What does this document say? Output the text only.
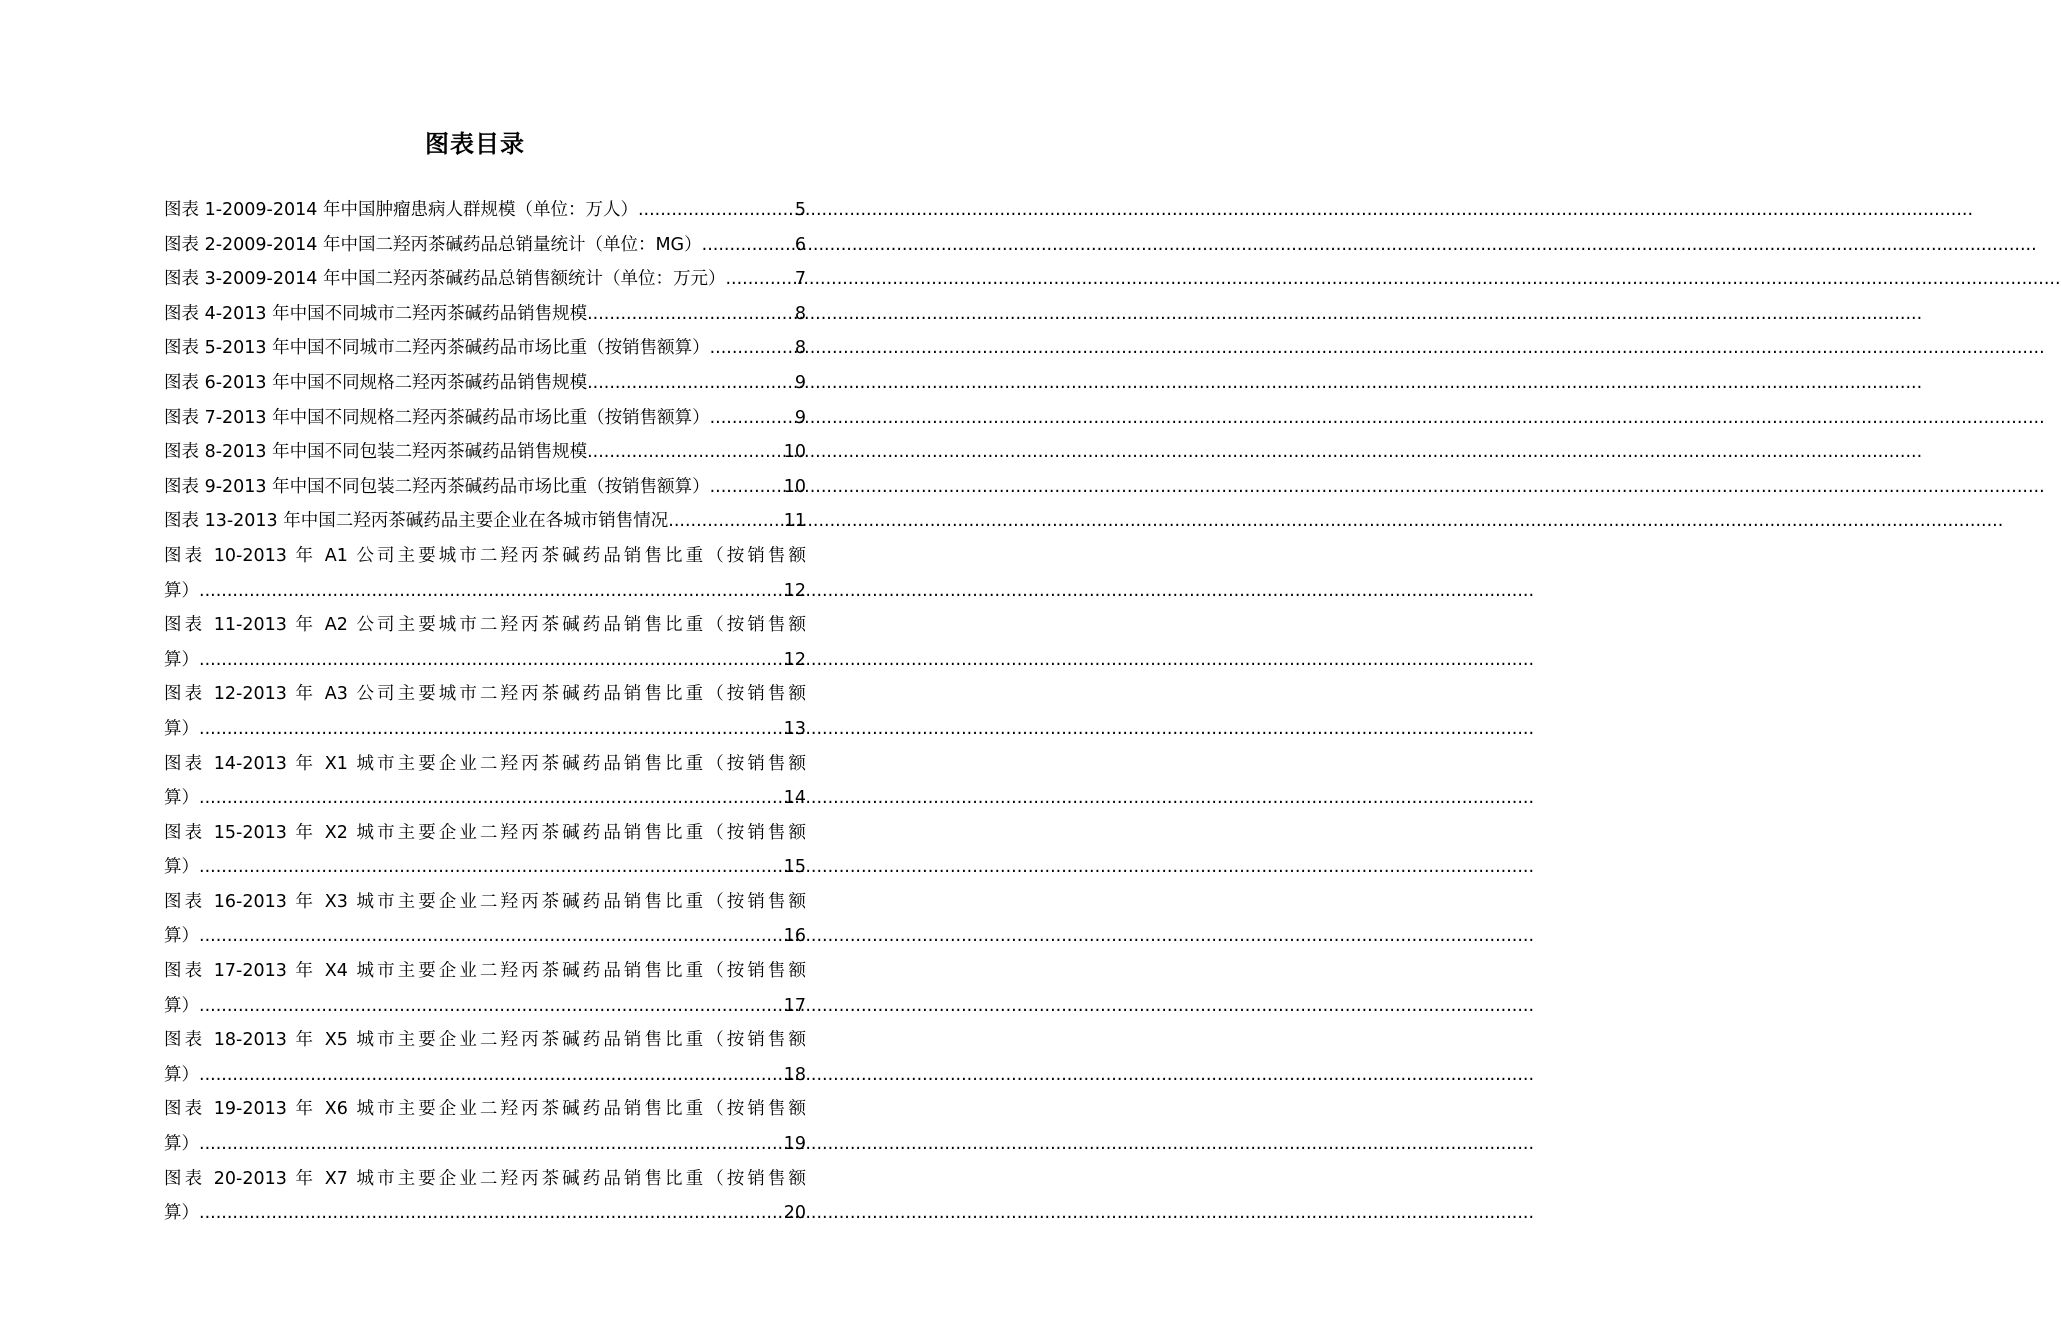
图表目录
图表 1-2009-2014 年中国肿瘤患病人群规模（单位：万人） .....	5
图表 2-2009-2014 年中国二羟丙茶碱药品总销量统计（单位：MG） .....	6
图表 3-2009-2014 年中国二羟丙茶碱药品总销售额统计（单位：万元） .....	7
图表 4-2013 年中国不同城市二羟丙茶碱药品销售规模 .....	8
图表 5-2013 年中国不同城市二羟丙茶碱药品市场比重（按销售额算） .....	8
图表 6-2013 年中国不同规格二羟丙茶碱药品销售规模 .....	9
图表 7-2013 年中国不同规格二羟丙茶碱药品市场比重（按销售额算） .....	9
图表 8-2013 年中国不同包装二羟丙茶碱药品销售规模 .....	10
图表 9-2013 年中国不同包装二羟丙茶碱药品市场比重（按销售额算） .....	10
图表 13-2013 年中国二羟丙茶碱药品主要企业在各城市销售情况 .....	11
图表 10-2013 年 A1 公司主要城市二羟丙茶碱药品销售比重（按销售额
算） .....	12
图表 11-2013 年 A2 公司主要城市二羟丙茶碱药品销售比重（按销售额
算） .....	12
图表 12-2013 年 A3 公司主要城市二羟丙茶碱药品销售比重（按销售额
算） .....	13
图表 14-2013 年 X1 城市主要企业二羟丙茶碱药品销售比重（按销售额
算） .....	14
图表 15-2013 年 X2 城市主要企业二羟丙茶碱药品销售比重（按销售额
算） .....	15
图表 16-2013 年 X3 城市主要企业二羟丙茶碱药品销售比重（按销售额
算） .....	16
图表 17-2013 年 X4 城市主要企业二羟丙茶碱药品销售比重（按销售额
算） .....	17
图表 18-2013 年 X5 城市主要企业二羟丙茶碱药品销售比重（按销售额
算） .....	18
图表 19-2013 年 X6 城市主要企业二羟丙茶碱药品销售比重（按销售额
算） .....	19
图表 20-2013 年 X7 城市主要企业二羟丙茶碱药品销售比重（按销售额
算） .....	20
